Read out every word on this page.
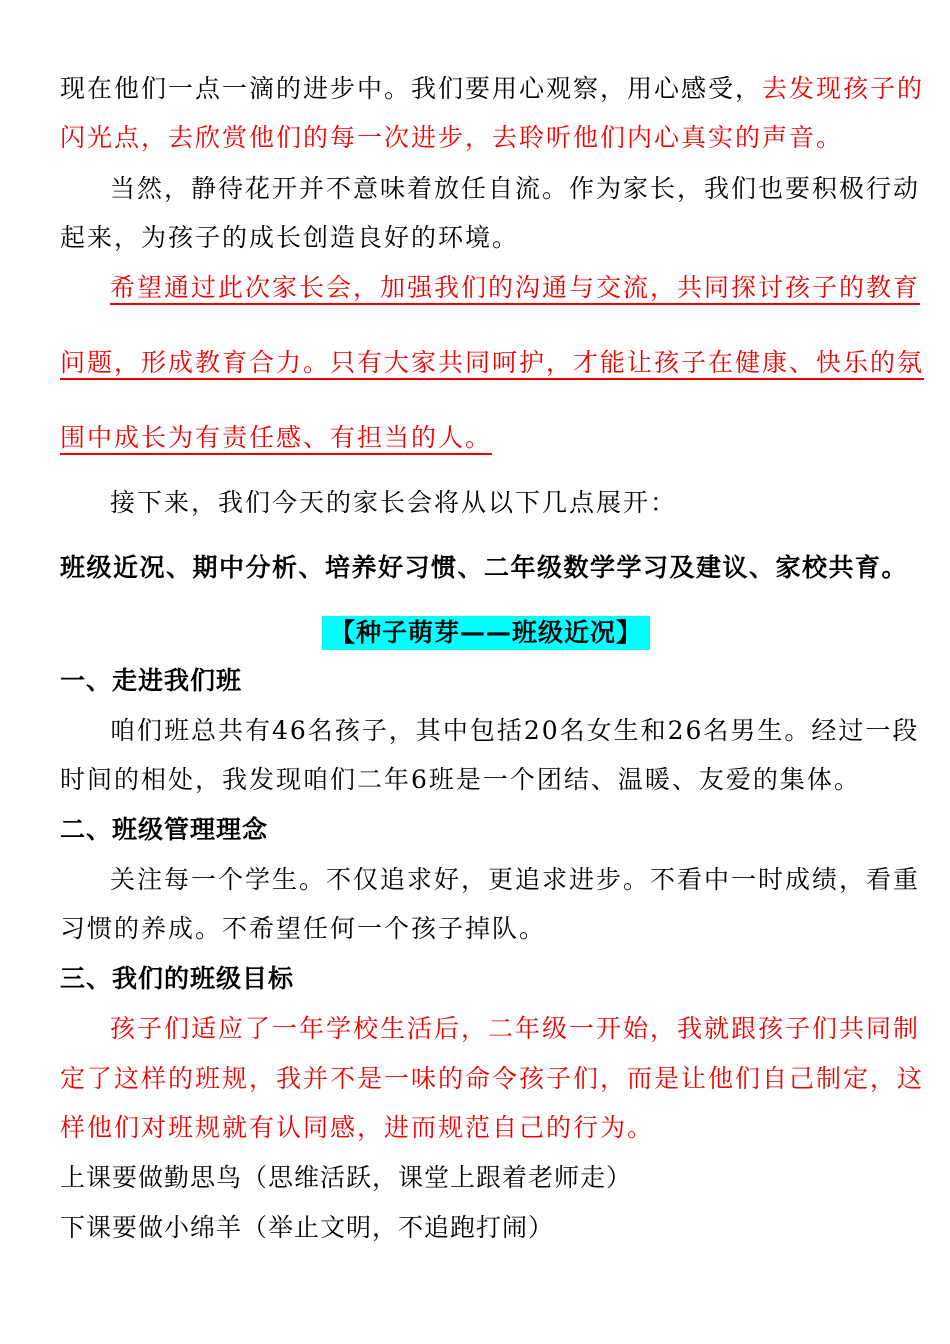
现在他们一点一滴的进步中。我们要用心观察，用心感受，去发现孩子的
闪光点，去欣赏他们的每一次进步，去聆听他们内心真实的声音。
当然，静待花开并不意味着放任自流。作为家长，我们也要积极行动
起来，为孩子的成长创造良好的环境。
希望通过此次家长会，加强我们的沟通与交流，共同探讨孩子的教育
问题，形成教育合力。只有大家共同呵护，才能让孩子在健康、快乐的氛
围中成长为有责任感、有担当的人。
接下来，我们今天的家长会将从以下几点展开：
班级近况、期中分析、培养好习惯、二年级数学学习及建议、家校共育。
【种子萌芽——班级近况】
一、走进我们班
咱们班总共有46名孩子，其中包括20名女生和26名男生。经过一段
时间的相处，我发现咱们二年6班是一个团结、温暖、友爱的集体。
二、班级管理理念
关注每一个学生。不仅追求好，更追求进步。不看中一时成绩，看重
习惯的养成。不希望任何一个孩子掉队。
三、我们的班级目标
孩子们适应了一年学校生活后，二年级一开始，我就跟孩子们共同制
定了这样的班规，我并不是一味的命令孩子们，而是让他们自己制定，这
样他们对班规就有认同感，进而规范自己的行为。
上课要做勤思鸟（思维活跃，课堂上跟着老师走）
下课要做小绵羊（举止文明，不追跑打闹）
